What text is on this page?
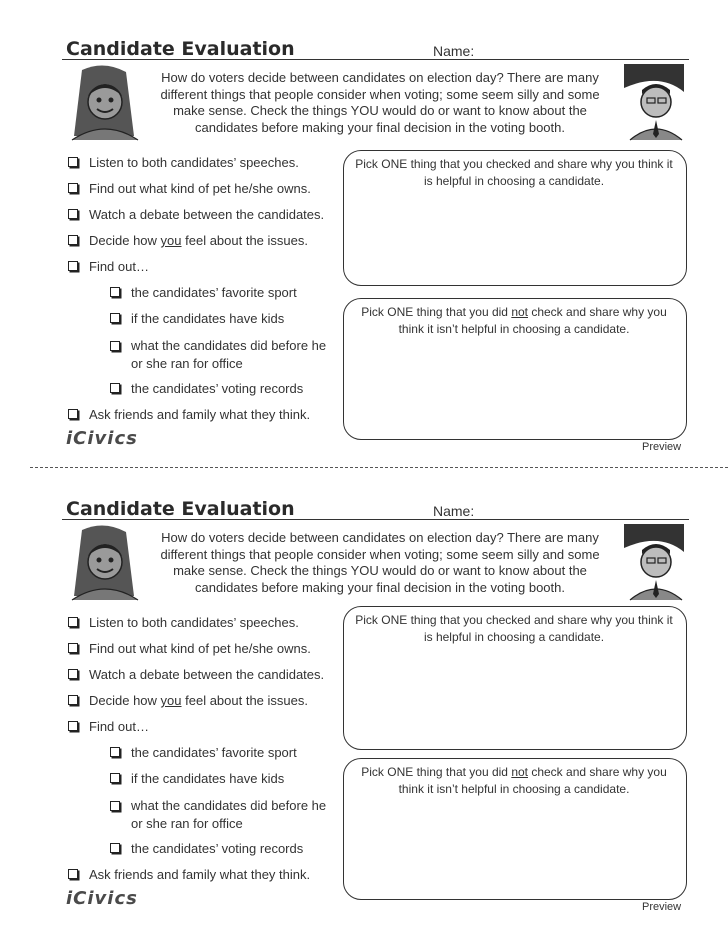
Candidate Evaluation	Name:
How do voters decide between candidates on election day? There are many different things that people consider when voting; some seem silly and some make sense. Check the things YOU would do or want to know about the candidates before making your final decision in the voting booth.
Listen to both candidates’ speeches.
Find out what kind of pet he/she owns.
Watch a debate between the candidates.
Decide how you feel about the issues.
Find out…
the candidates’ favorite sport
if the candidates have kids
what the candidates did before he or she ran for office
the candidates’ voting records
Ask friends and family what they think.
Pick ONE thing that you checked and share why you think it is helpful in choosing a candidate.
Pick ONE thing that you did not check and share why you think it isn’t helpful in choosing a candidate.
iCivics	Preview
Candidate Evaluation	Name:
How do voters decide between candidates on election day? There are many different things that people consider when voting; some seem silly and some make sense. Check the things YOU would do or want to know about the candidates before making your final decision in the voting booth.
Listen to both candidates’ speeches.
Find out what kind of pet he/she owns.
Watch a debate between the candidates.
Decide how you feel about the issues.
Find out…
the candidates’ favorite sport
if the candidates have kids
what the candidates did before he or she ran for office
the candidates’ voting records
Ask friends and family what they think.
Pick ONE thing that you checked and share why you think it is helpful in choosing a candidate.
Pick ONE thing that you did not check and share why you think it isn’t helpful in choosing a candidate.
iCivics	Preview
